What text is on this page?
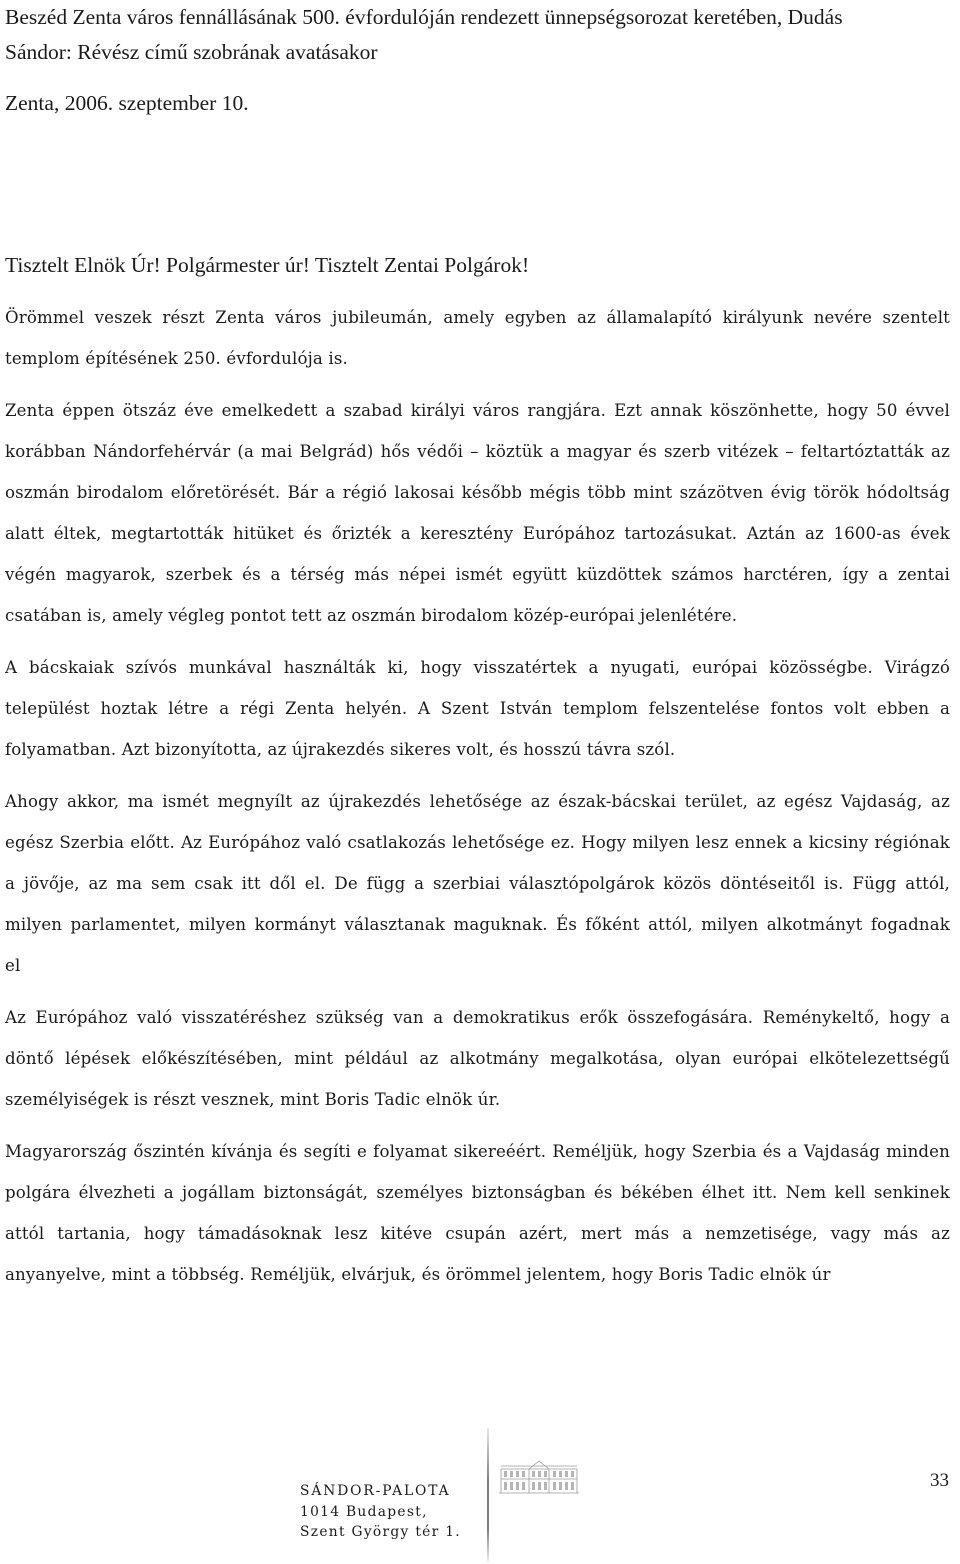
Beszéd Zenta város fennállásának 500. évfordulóján rendezett ünnepségsorozat keretében, Dudás
Sándor: Révész című szobrának avatásakor
Zenta, 2006. szeptember 10.
Tisztelt Elnök Úr! Polgármester úr! Tisztelt Zentai Polgárok!
Örömmel veszek részt Zenta város jubileumán, amely egyben az államalapító királyunk nevére szentelt
templom építésének 250. évfordulója is.
Zenta éppen ötszáz éve emelkedett a szabad királyi város rangjára. Ezt annak köszönhette, hogy 50 évvel
korábban Nándorfehérvár (a mai Belgrád) hős védői – köztük a magyar és szerb vitézek – feltartóztatták az
oszmán birodalom előretörését. Bár a régió lakosai később mégis több mint százötven évig török hódoltság
alatt éltek, megtartották hitüket és őrizték a keresztény Európához tartozásukat. Aztán az 1600-as évek
végén magyarok, szerbek és a térség más népei ismét együtt küzdöttek számos harctéren, így a zentai
csatában is, amely végleg pontot tett az oszmán birodalom közép-európai jelenlétére.
A bácskaiak szívós munkával használták ki, hogy visszatértek a nyugati, európai közösségbe. Virágzó
települést hoztak létre a régi Zenta helyén. A Szent István templom felszentelése fontos volt ebben a
folyamatban. Azt bizonyította, az újrakezdés sikeres volt, és hosszú távra szól.
Ahogy akkor, ma ismét megnyílt az újrakezdés lehetősége az észak-bácskai terület, az egész Vajdaság, az
egész Szerbia előtt. Az Európához való csatlakozás lehetősége ez. Hogy milyen lesz ennek a kicsiny régiónak
a jövője, az ma sem csak itt dől el. De függ a szerbiai választópolgárok közös döntéseitől is. Függ attól,
milyen parlamentet, milyen kormányt választanak maguknak. És főként attól, milyen alkotmányt fogadnak
el
Az Európához való visszatéréshez szükség van a demokratikus erők összefogására. Reménykeltő, hogy a
döntő lépések előkészítésében, mint például az alkotmány megalkotása, olyan európai elkötelezettségű
személyiségek is részt vesznek, mint Boris Tadic elnök úr.
Magyarország őszintén kívánja és segíti e folyamat sikereéért. Reméljük, hogy Szerbia és a Vajdaság minden
polgára élvezheti a jogállam biztonságát, személyes biztonságban és békében élhet itt. Nem kell senkinek
attól tartania, hogy támadásoknak lesz kitéve csupán azért, mert más a nemzetisége, vagy más az
anyanyelve, mint a többség. Reméljük, elvárjuk, és örömmel jelentem, hogy Boris Tadic elnök úr
SÁNDOR-PALOTA
1014 Budapest,
Szent György tér 1.
33
